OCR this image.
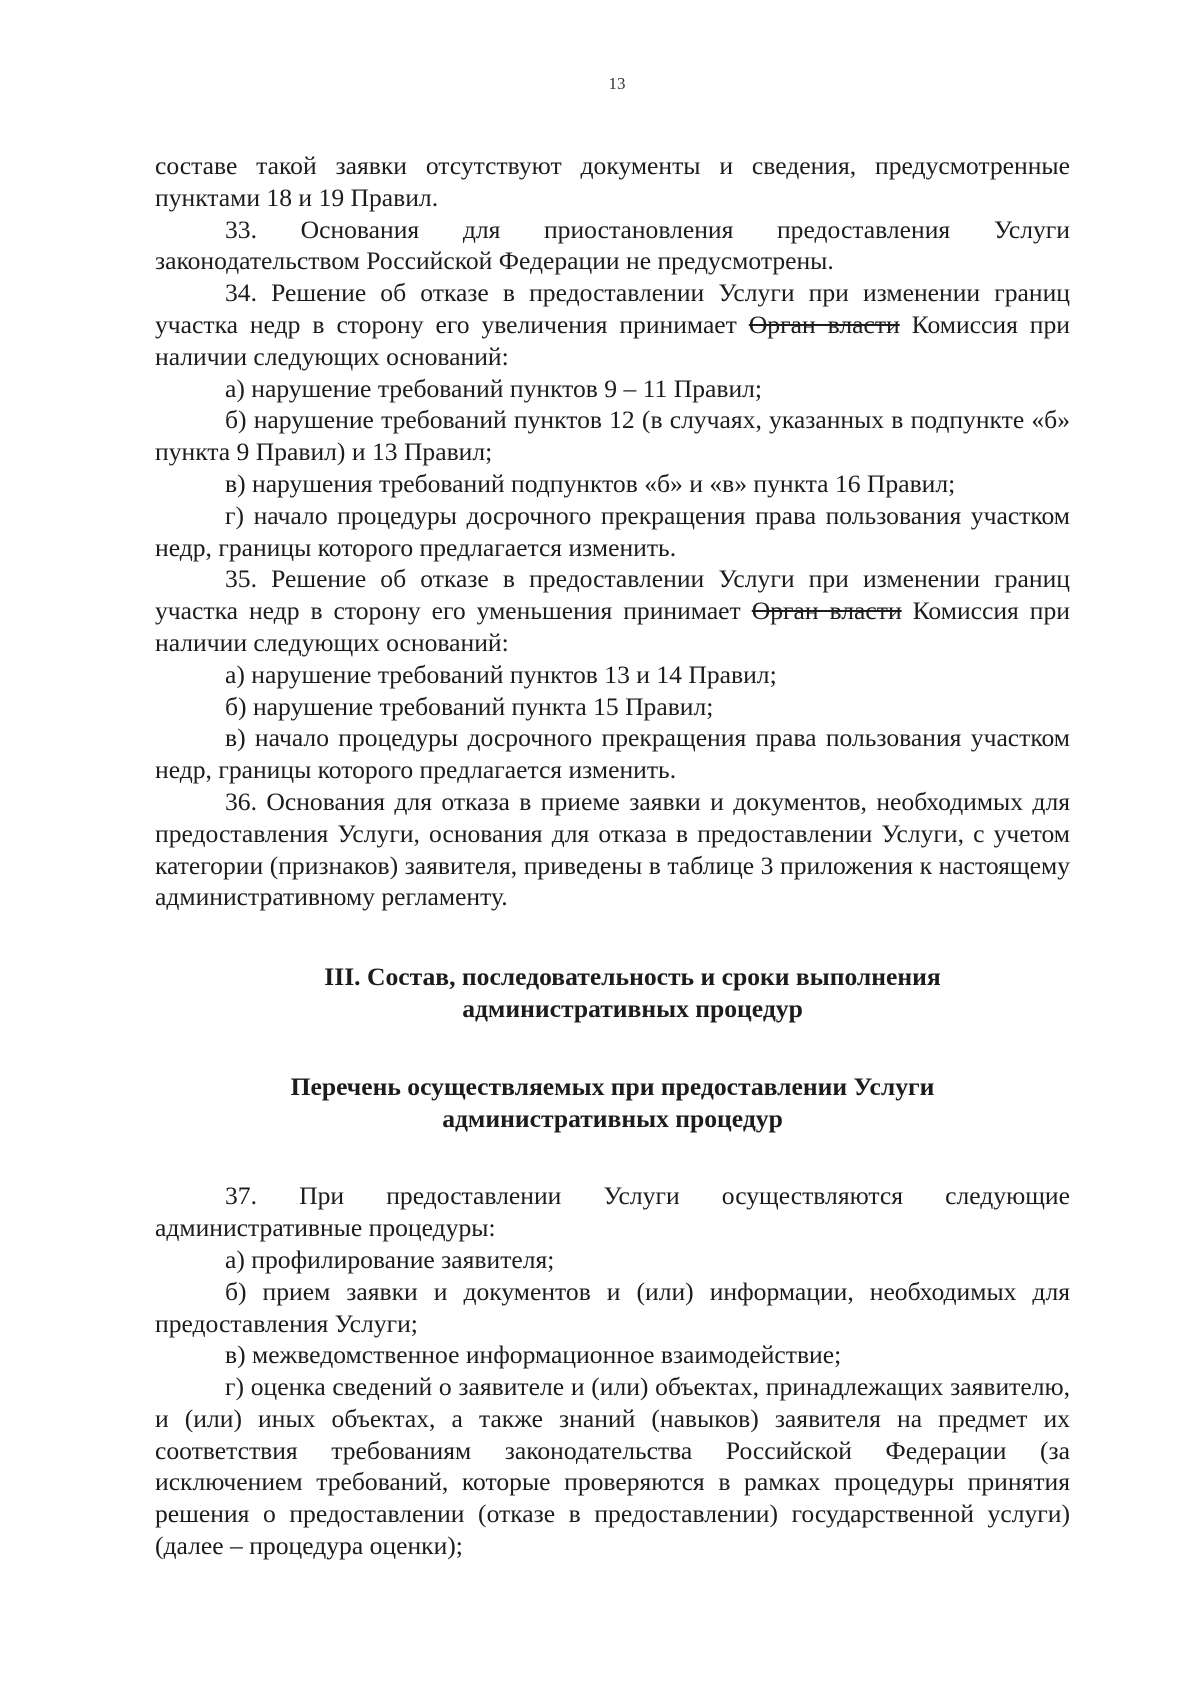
13

составе такой заявки отсутствуют документы и сведения, предусмотренные пунктами 18 и 19 Правил.

33. Основания для приостановления предоставления Услуги законодательством Российской Федерации не предусмотрены.

34. Решение об отказе в предоставлении Услуги при изменении границ участка недр в сторону его увеличения принимает Орган власти Комиссия при наличии следующих оснований:

а) нарушение требований пунктов 9 – 11 Правил;

б) нарушение требований пунктов 12 (в случаях, указанных в подпункте «б» пункта 9 Правил) и 13 Правил;

в) нарушения требований подпунктов «б» и «в» пункта 16 Правил;

г) начало процедуры досрочного прекращения права пользования участком недр, границы которого предлагается изменить.

35. Решение об отказе в предоставлении Услуги при изменении границ участка недр в сторону его уменьшения принимает Орган власти Комиссия при наличии следующих оснований:

а) нарушение требований пунктов 13 и 14 Правил;

б) нарушение требований пункта 15 Правил;

в) начало процедуры досрочного прекращения права пользования участком недр, границы которого предлагается изменить.

36. Основания для отказа в приеме заявки и документов, необходимых для предоставления Услуги, основания для отказа в предоставлении Услуги, с учетом категории (признаков) заявителя, приведены в таблице 3 приложения к настоящему административному регламенту.

III. Состав, последовательность и сроки выполнения
административных процедур
Перечень осуществляемых при предоставлении Услуги
административных процедур

37. При предоставлении Услуги осуществляются следующие административные процедуры:

а) профилирование заявителя;

б) прием заявки и документов и (или) информации, необходимых для предоставления Услуги;

в) межведомственное информационное взаимодействие;

г) оценка сведений о заявителе и (или) объектах, принадлежащих заявителю, и (или) иных объектах, а также знаний (навыков) заявителя на предмет их соответствия требованиям законодательства Российской Федерации (за исключением требований, которые проверяются в рамках процедуры принятия решения о предоставлении (отказе в предоставлении) государственной услуги) (далее – процедура оценки);
